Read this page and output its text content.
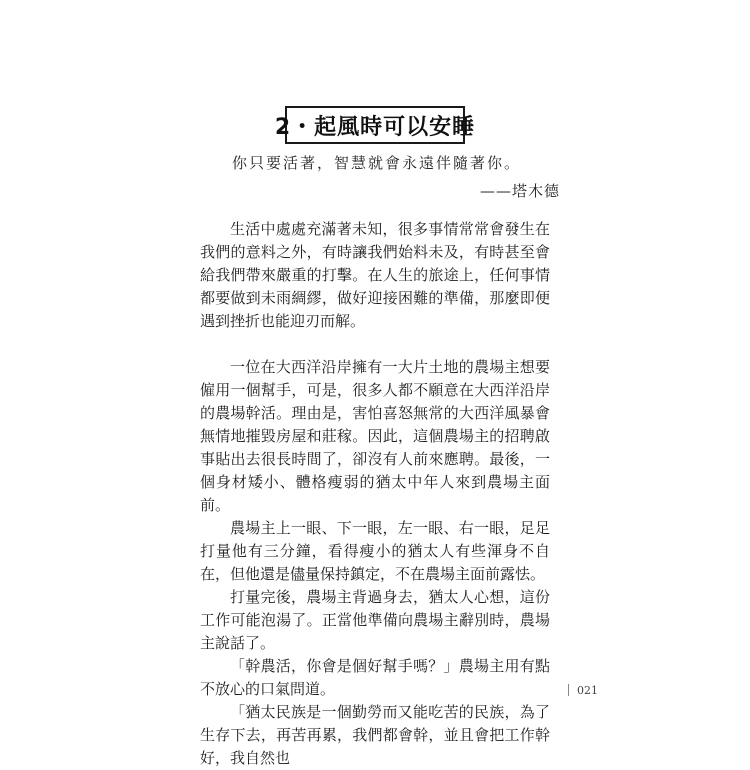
2・起風時可以安睡
你只要活著，智慧就會永遠伴隨著你。
——塔木德

生活中處處充滿著未知，很多事情常常會發生在我們的意料之外，有時讓我們始料未及，有時甚至會給我們帶來嚴重的打擊。在人生的旅途上，任何事情都要做到未雨綢繆，做好迎接困難的準備，那麼即便遇到挫折也能迎刃而解。

一位在大西洋沿岸擁有一大片土地的農場主想要僱用一個幫手，可是，很多人都不願意在大西洋沿岸的農場幹活。理由是，害怕喜怒無常的大西洋風暴會無情地摧毀房屋和莊稼。因此，這個農場主的招聘啟事貼出去很長時間了，卻沒有人前來應聘。最後，一個身材矮小、體格瘦弱的猶太中年人來到農場主面前。

農場主上一眼、下一眼，左一眼、右一眼，足足打量他有三分鐘，看得瘦小的猶太人有些渾身不自在，但他還是儘量保持鎮定，不在農場主面前露怯。

打量完後，農場主背過身去，猶太人心想，這份工作可能泡湯了。正當他準備向農場主辭別時，農場主說話了。

「幹農活，你會是個好幫手嗎？」農場主用有點不放心的口氣問道。

「猶太民族是一個勤勞而又能吃苦的民族，為了生存下去，再苦再累，我們都會幹，並且會把工作幹好，我自然也

021
